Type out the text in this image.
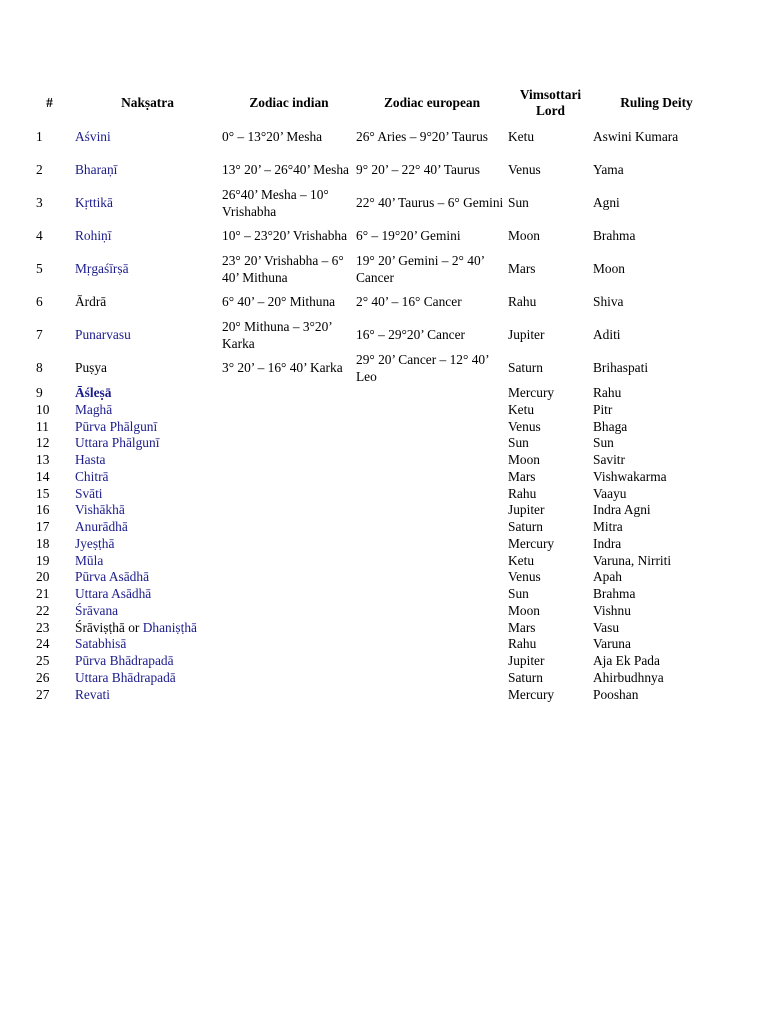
#	Nakṣatra	Zodiac indian	Zodiac european	Vimsottari Lord	Ruling Deity
1	Aśvini	0° – 13°20’ Mesha	26° Aries – 9°20’ Taurus	Ketu	Aswini Kumara
2	Bharaṇī	13° 20’ – 26°40’ Mesha	9° 20’ – 22° 40’ Taurus	Venus	Yama
3	Kṛttikā	26°40’ Mesha – 10° Vrishabha	22° 40’ Taurus – 6° Gemini	Sun	Agni
4	Rohiṇī	10° – 23°20’ Vrishabha	6° – 19°20’ Gemini	Moon	Brahma
5	Mṛgaśīrṣā	23° 20’ Vrishabha – 6° 40’ Mithuna	19° 20’ Gemini – 2° 40’ Cancer	Mars	Moon
6	Ārdrā	6° 40’ – 20° Mithuna	2° 40’ – 16° Cancer	Rahu	Shiva
7	Punarvasu	20° Mithuna – 3°20’ Karka	16° – 29°20’ Cancer	Jupiter	Aditi
8	Puṣya	3° 20’ – 16° 40’ Karka	29° 20’ Cancer – 12° 40’ Leo	Saturn	Brihaspati
9	Āśleṣā			Mercury	Rahu
10	Maghā			Ketu	Pitr
11	Pūrva Phālgunī			Venus	Bhaga
12	Uttara Phālgunī			Sun	Sun
13	Hasta			Moon	Savitr
14	Chitrā			Mars	Vishwakarma
15	Svāti			Rahu	Vaayu
16	Vishākhā			Jupiter	Indra Agni
17	Anurādhā			Saturn	Mitra
18	Jyeṣṭhā			Mercury	Indra
19	Mūla			Ketu	Varuna, Nirriti
20	Pūrva Asādhā			Venus	Apah
21	Uttara Asādhā			Sun	Brahma
22	Śrāvana			Moon	Vishnu
23	Śrāviṣṭhā or Dhaniṣṭhā			Mars	Vasu
24	Satabhisā			Rahu	Varuna
25	Pūrva Bhādrapadā			Jupiter	Aja Ek Pada
26	Uttara Bhādrapadā			Saturn	Ahirbudhnya
27	Revati			Mercury	Pooshan
